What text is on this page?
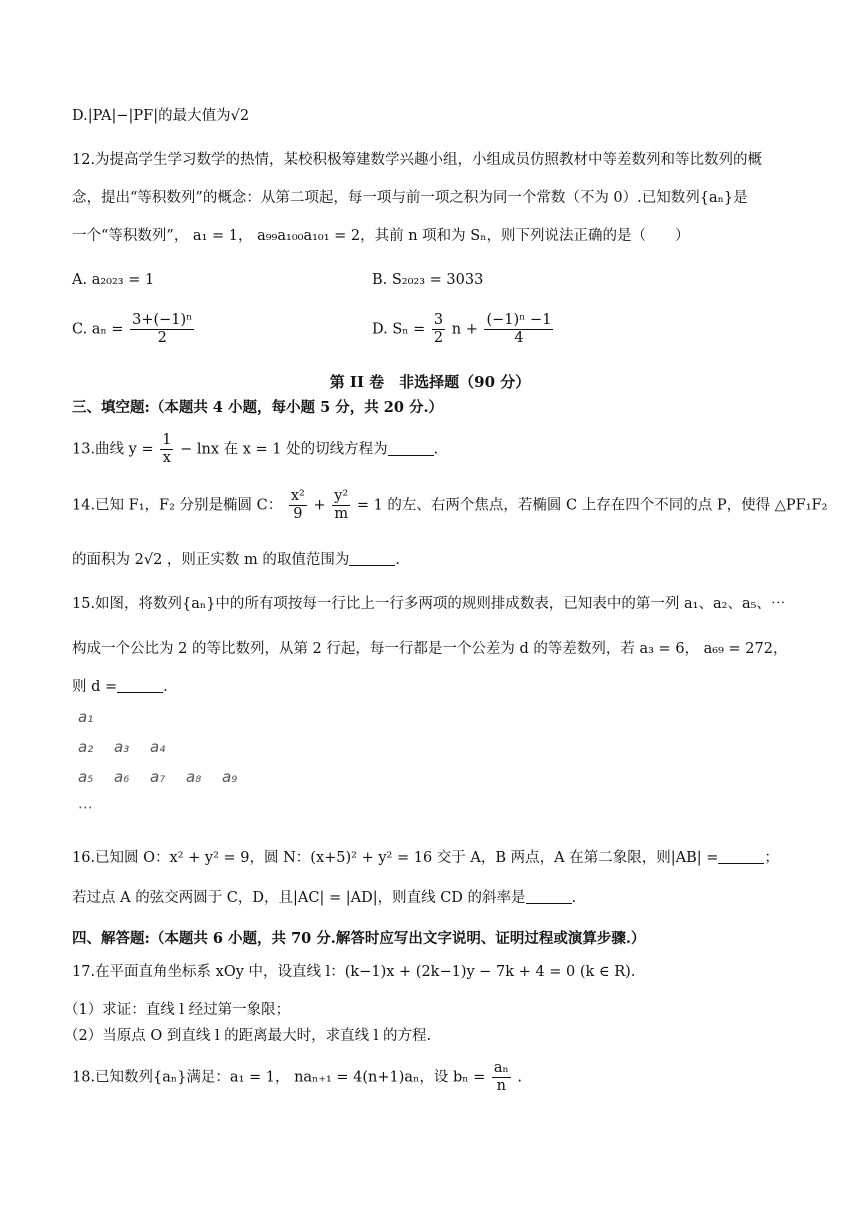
D.|PA|−|PF|的最大值为√2
12.为提高学生学习数学的热情，某校积极筹建数学兴趣小组，小组成员仿照教材中等差数列和等比数列的概
念，提出“等积数列”的概念：从第二项起，每一项与前一项之积为同一个常数（不为 0）.已知数列{aₙ}是
一个“等积数列”， a₁ = 1， a₉₉a₁₀₀a₁₀₁ = 2，其前 n 项和为 Sₙ，则下列说法正确的是（　　）
A. a₂₀₂₃ = 1	B. S₂₀₂₃ = 3033
C. $a_n = \frac{\text{3+(−1)ⁿ}}{2}$	D. $S_n = \frac{3}{2}$ $n + \frac{\text{(−1)ⁿ −1}}{4}$
第 II 卷　非选择题（90 分）
三、填空题:（本题共 4 小题，每小题 5 分，共 20 分.）
13.曲线 $y = \frac{1}{x} - \ln x$ 在 x = 1 处的切线方程为	.
14.已知 F₁，F₂ 分别是椭圆 C： $\frac{\text{x²}}{9} + \frac{\text{y²}}{m} = 1$ 的左、右两个焦点，若椭圆 C 上存在四个不同的点 P，使得 △PF₁F₂
的面积为 2√2 ，则正实数 m 的取值范围为	.
15.如图，将数列{aₙ}中的所有项按每一行比上一行多两项的规则排成数表，已知表中的第一列 a₁、a₂、a₅、⋯
构成一个公比为 2 的等比数列，从第 2 行起，每一行都是一个公差为 d 的等差数列，若 a₃ = 6， a₆₉ = 272，
则 d =	.
a₁
a₂ a₃ a₄
a₅ a₆ a₇ a₈ a₉
⋯
16.已知圆 O：x² + y² = 9，圆 N：(x+5)² + y² = 16 交于 A，B 两点，A 在第二象限，则|AB| =	；
若过点 A 的弦交两圆于 C，D，且|AC| = |AD|，则直线 CD 的斜率是	.
四、解答题:（本题共 6 小题，共 70 分.解答时应写出文字说明、证明过程或演算步骤.）
17.在平面直角坐标系 xOy 中，设直线 l：(k−1)x + (2k−1)y − 7k + 4 = 0 (k ∈ R).
（1）求证：直线 l 经过第一象限；
（2）当原点 O 到直线 l 的距离最大时，求直线 l 的方程.
18.已知数列{aₙ}满足：a₁ = 1， naₙ₊₁ = 4(n+1)aₙ，设 $b_n = \frac{\text{aₙ}}{n}$ .
